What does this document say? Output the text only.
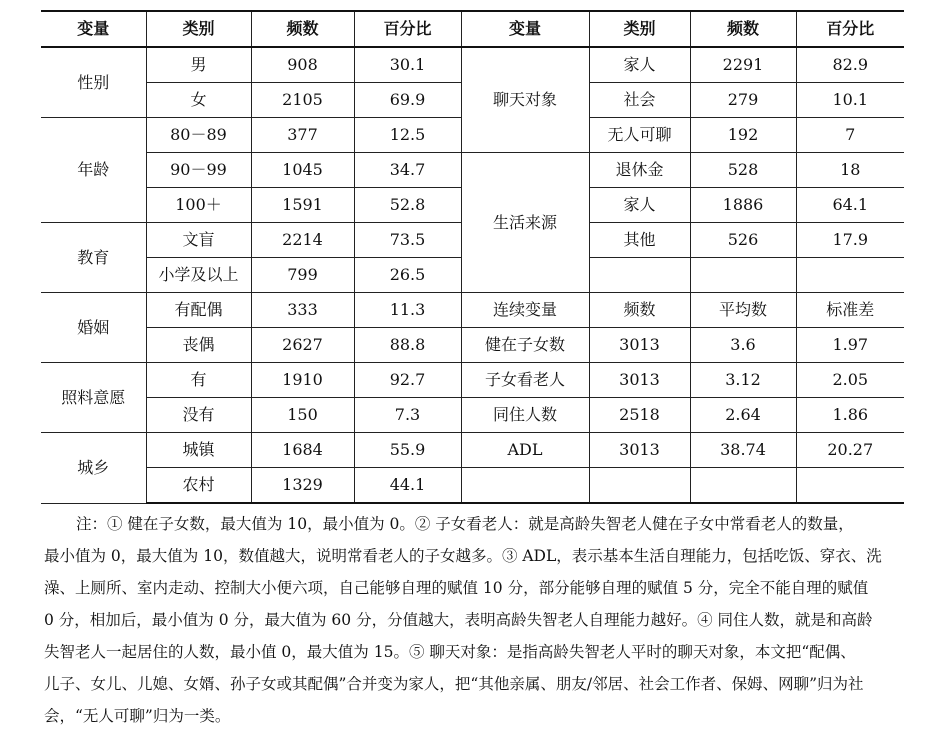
变量	类别	频数	百分比	变量	类别	频数	百分比
性别	男	908	30.1	聊天对象	家人	2291	82.9
	女	2105	69.9		社会	279	10.1
年龄	80－89	377	12.5		无人可聊	192	7
	90－99	1045	34.7	生活来源	退休金	528	18
	100＋	1591	52.8		家人	1886	64.1
教育	文盲	2214	73.5		其他	526	17.9
	小学及以上	799	26.5				
婚姻	有配偶	333	11.3	连续变量	频数	平均数	标准差
	丧偶	2627	88.8	健在子女数	3013	3.6	1.97
照料意愿	有	1910	92.7	子女看老人	3013	3.12	2.05
	没有	150	7.3	同住人数	2518	2.64	1.86
城乡	城镇	1684	55.9	ADL	3013	38.74	20.27
	农村	1329	44.1				
注：① 健在子女数，最大值为 10，最小值为 0。② 子女看老人：就是高龄失智老人健在子女中常看老人的数量，
最小值为 0，最大值为 10，数值越大，说明常看老人的子女越多。③ ADL，表示基本生活自理能力，包括吃饭、穿衣、洗
澡、上厕所、室内走动、控制大小便六项，自己能够自理的赋值 10 分，部分能够自理的赋值 5 分，完全不能自理的赋值
0 分，相加后，最小值为 0 分，最大值为 60 分，分值越大，表明高龄失智老人自理能力越好。④ 同住人数，就是和高龄
失智老人一起居住的人数，最小值 0，最大值为 15。⑤ 聊天对象：是指高龄失智老人平时的聊天对象，本文把“配偶、
儿子、女儿、儿媳、女婿、孙子女或其配偶”合并变为家人，把“其他亲属、朋友/邻居、社会工作者、保姆、网聊”归为社
会，“无人可聊”归为一类。
